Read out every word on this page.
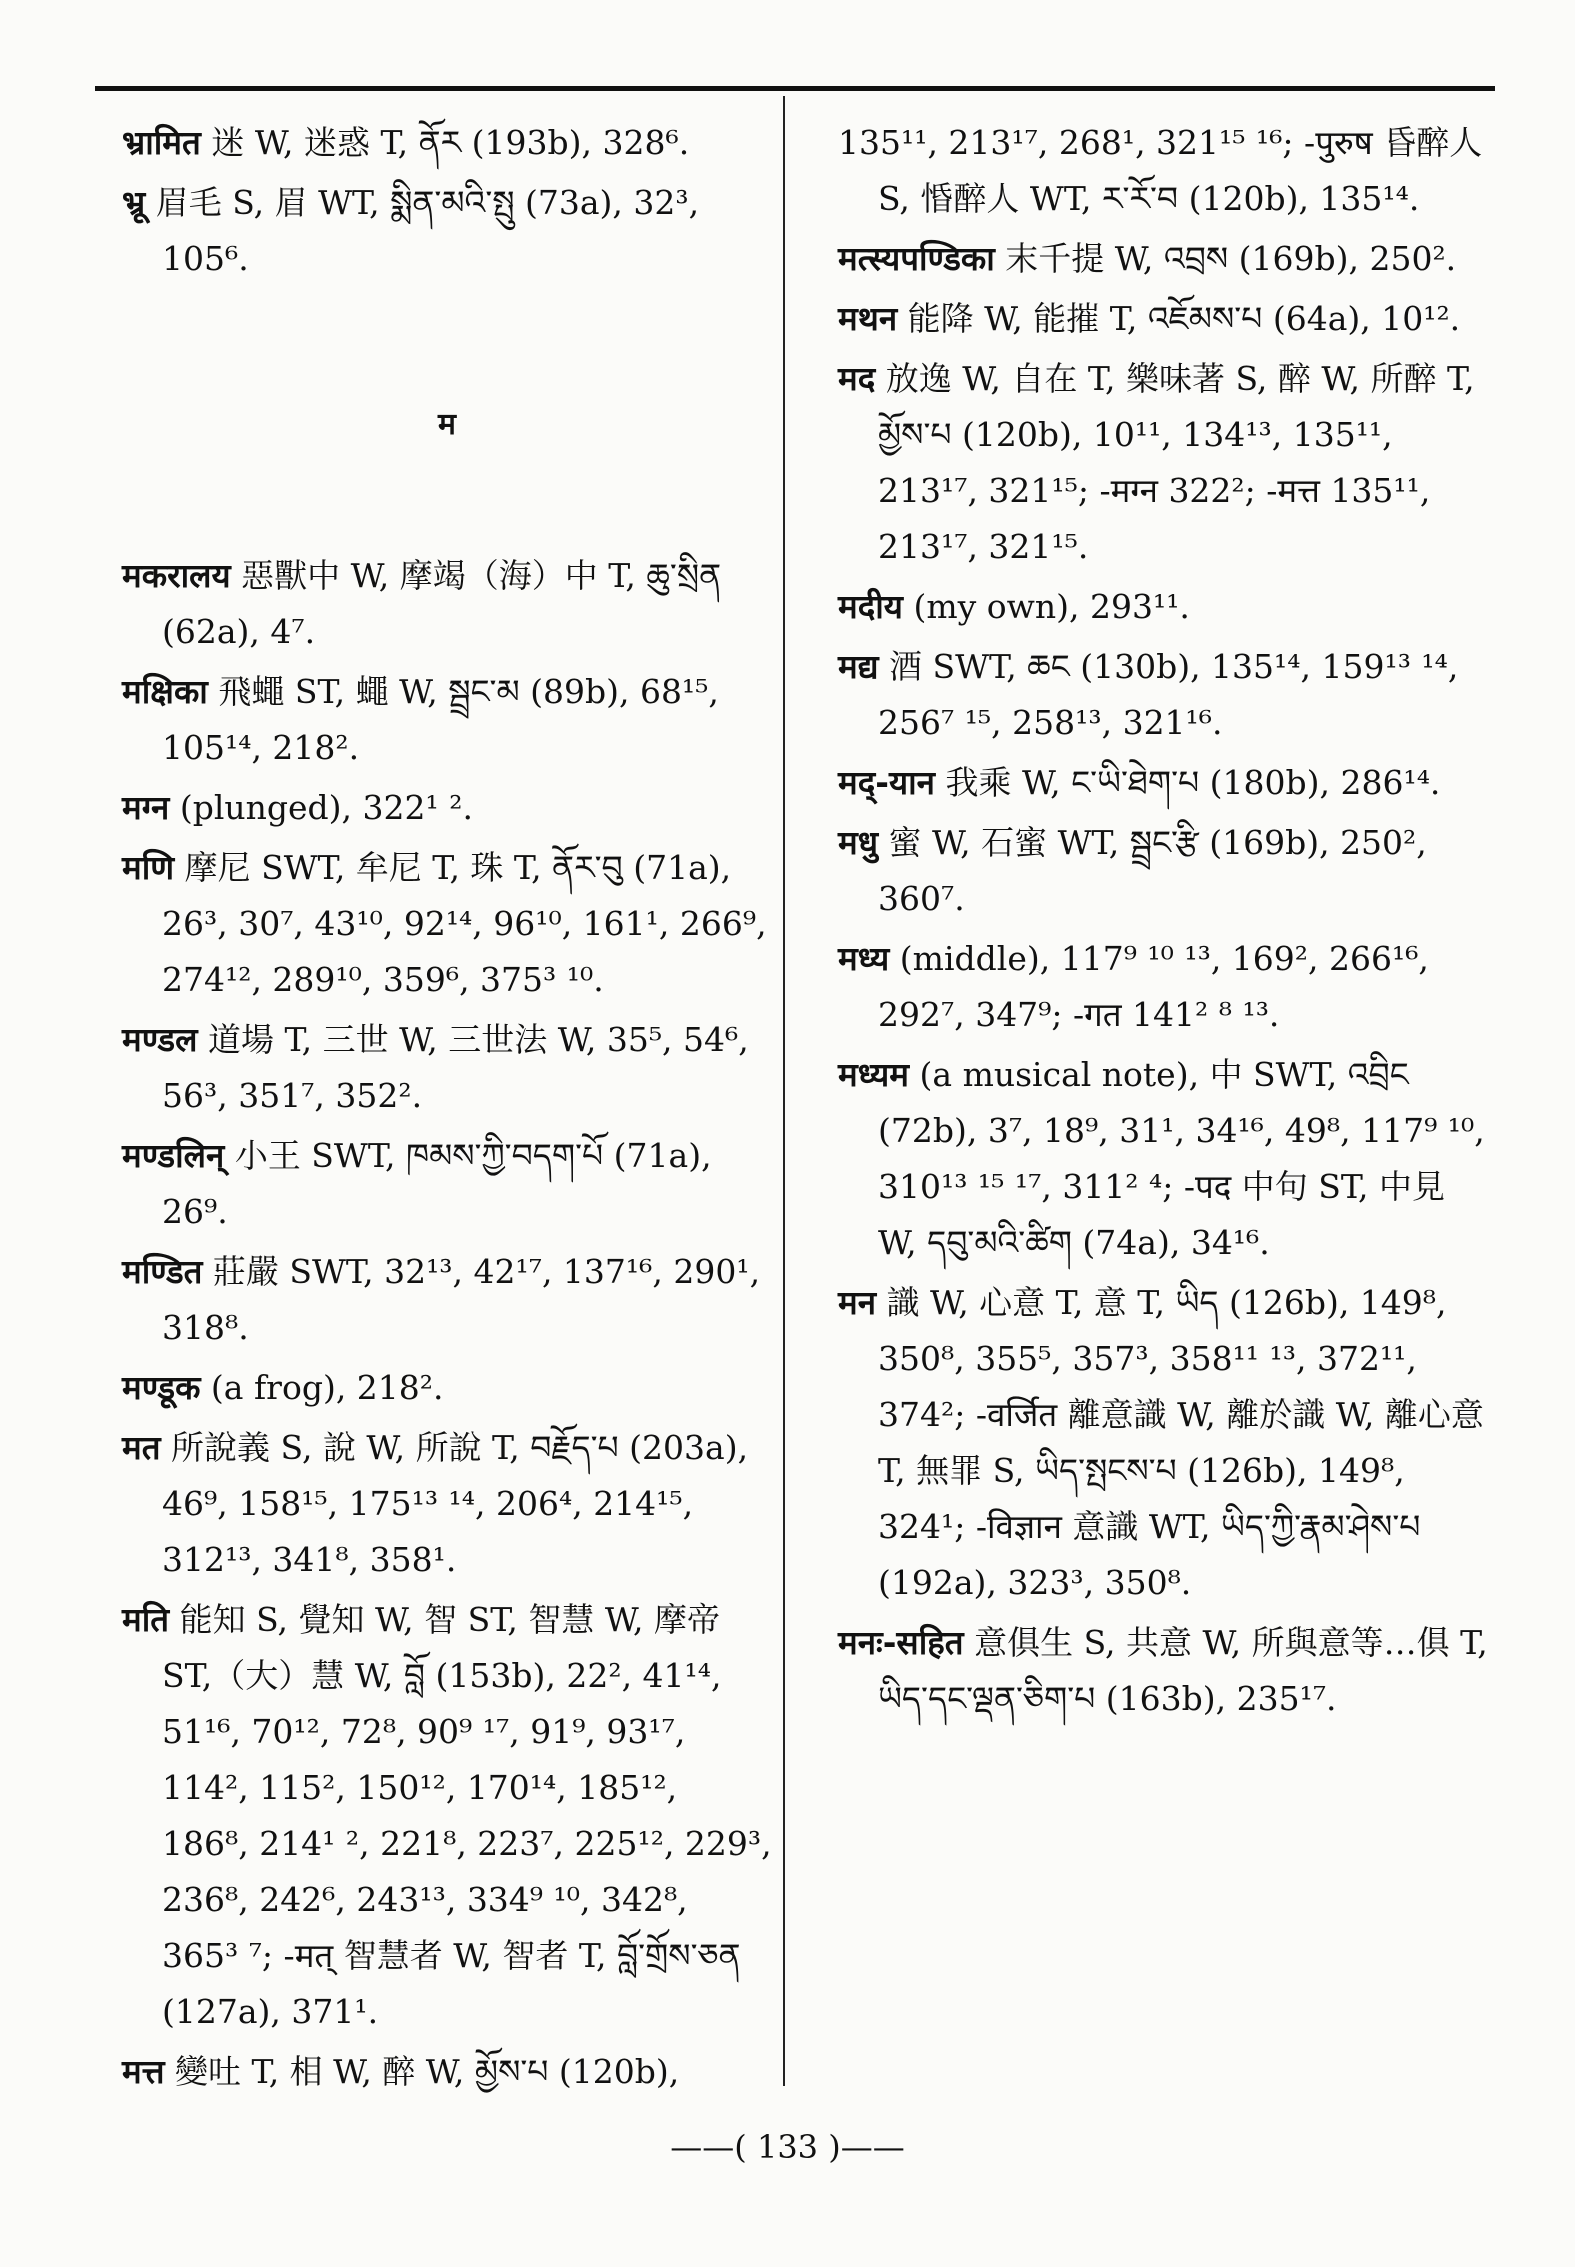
भ्रामित 迷 W, 迷惑 T, ནོར (193b), 328⁶.
भ्रू 眉毛 S, 眉 WT, སྨིན་མའི་སྤུ (73a), 32³, 105⁶.
म
मकरालय 惡獸中 W, 摩竭（海）中 T, ཆུ་སྲིན (62a), 4⁷.
मक्षिका 飛蠅 ST, 蠅 W, སྦྲང་མ (89b), 68¹⁵, 105¹⁴, 218².
मग्न (plunged), 322¹ ².
मणि 摩尼 SWT, 牟尼 T, 珠 T, ནོར་བུ (71a), 26³, 30⁷, 43¹⁰, 92¹⁴, 96¹⁰, 161¹, 266⁹, 274¹², 289¹⁰, 359⁶, 375³ ¹⁰.
मण्डल 道場 T, 三世 W, 三世法 W, 35⁵, 54⁶, 56³, 351⁷, 352².
मण्डलिन् 小王 SWT, ཁམས་ཀྱི་བདག་པོ (71a), 26⁹.
मण्डित 莊嚴 SWT, 32¹³, 42¹⁷, 137¹⁶, 290¹, 318⁸.
मण्डूक (a frog), 218².
मत 所說義 S, 說 W, 所說 T, བརྗོད་པ (203a), 46⁹, 158¹⁵, 175¹³ ¹⁴, 206⁴, 214¹⁵, 312¹³, 341⁸, 358¹.
मति 能知 S, 覺知 W, 智 ST, 智慧 W, 摩帝 ST,（大）慧 W, བློ (153b), 22², 41¹⁴, 51¹⁶, 70¹², 72⁸, 90⁹ ¹⁷, 91⁹, 93¹⁷, 114², 115², 150¹², 170¹⁴, 185¹², 186⁸, 214¹ ², 221⁸, 223⁷, 225¹², 229³, 236⁸, 242⁶, 243¹³, 334⁹ ¹⁰, 342⁸, 365³ ⁷; -मत् 智慧者 W, 智者 T, བློ་གྲོས་ཅན (127a), 371¹.
मत्त 變吐 T, 相 W, 醉 W, མྱོས་པ (120b),
135¹¹, 213¹⁷, 268¹, 321¹⁵ ¹⁶; -पुरुष 昏醉人 S, 惛醉人 WT, ར་རོ་བ (120b), 135¹⁴.
मत्स्यपण्डिका 末千提 W, འབྲས (169b), 250².
मथन 能降 W, 能摧 T, འཇོམས་པ (64a), 10¹².
मद 放逸 W, 自在 T, 樂味著 S, 醉 W, 所醉 T, མྱོས་པ (120b), 10¹¹, 134¹³, 135¹¹, 213¹⁷, 321¹⁵; -मग्न 322²; -मत्त 135¹¹, 213¹⁷, 321¹⁵.
मदीय (my own), 293¹¹.
मद्य 酒 SWT, ཆང (130b), 135¹⁴, 159¹³ ¹⁴, 256⁷ ¹⁵, 258¹³, 321¹⁶.
मद्-यान 我乘 W, ང་ཡི་ཐེག་པ (180b), 286¹⁴.
मधु 蜜 W, 石蜜 WT, སྦྲང་རྩི (169b), 250², 360⁷.
मध्य (middle), 117⁹ ¹⁰ ¹³, 169², 266¹⁶, 292⁷, 347⁹; -गत 141² ⁸ ¹³.
मध्यम (a musical note), 中 SWT, འབྲིང (72b), 3⁷, 18⁹, 31¹, 34¹⁶, 49⁸, 117⁹ ¹⁰, 310¹³ ¹⁵ ¹⁷, 311² ⁴; -पद 中句 ST, 中見 W, དབུ་མའི་ཚིག (74a), 34¹⁶.
मन 識 W, 心意 T, 意 T, ཡིད (126b), 149⁸, 350⁸, 355⁵, 357³, 358¹¹ ¹³, 372¹¹, 374²; -वर्जित 離意識 W, 離於識 W, 離心意 T, 無罪 S, ཡིད་སྤངས་པ (126b), 149⁸, 324¹; -विज्ञान 意識 WT, ཡིད་ཀྱི་རྣམ་ཤེས་པ (192a), 323³, 350⁸.
मनः-सहित 意俱生 S, 共意 W, 所與意等…俱 T, ཡིད་དང་ལྡན་ཅིག་པ (163b), 235¹⁷.
——( 133 )——
